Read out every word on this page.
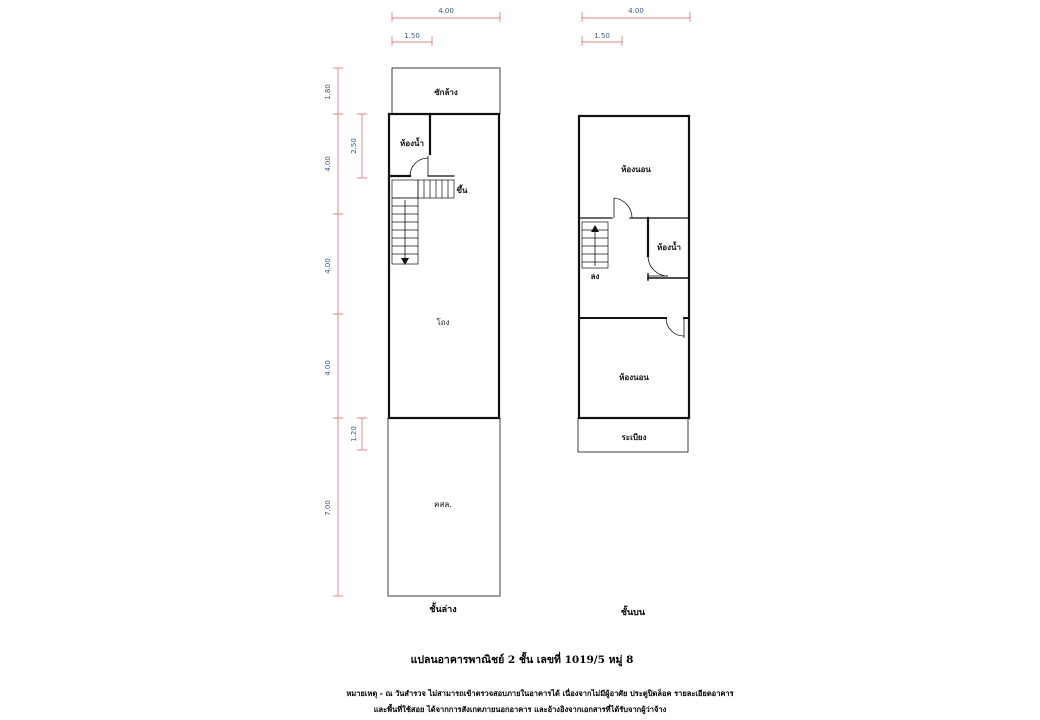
4.00
1.50
4.00
1.50
1.80
4.00
4.00
4.00
7.00
2.50
1.20
ซักล้าง
ห้องน้ำ
ขึ้น
โถง
คสล.
ชั้นล่าง
ห้องนอน
ห้องน้ำ
ลง
ห้องนอน
ระเบียง
ชั้นบน
แปลนอาคารพาณิชย์ 2 ชั้น เลขที่ 1019/5 หมู่ 8
หมายเหตุ - ณ วันสำรวจ ไม่สามารถเข้าตรวจสอบภายในอาคารได้ เนื่องจากไม่มีผู้อาศัย ประตูปิดล็อค รายละเอียดอาคาร
และพื้นที่ใช้สอย ได้จากการสังเกตภายนอกอาคาร และอ้างอิงจากเอกสารที่ได้รับจากผู้ว่าจ้าง
